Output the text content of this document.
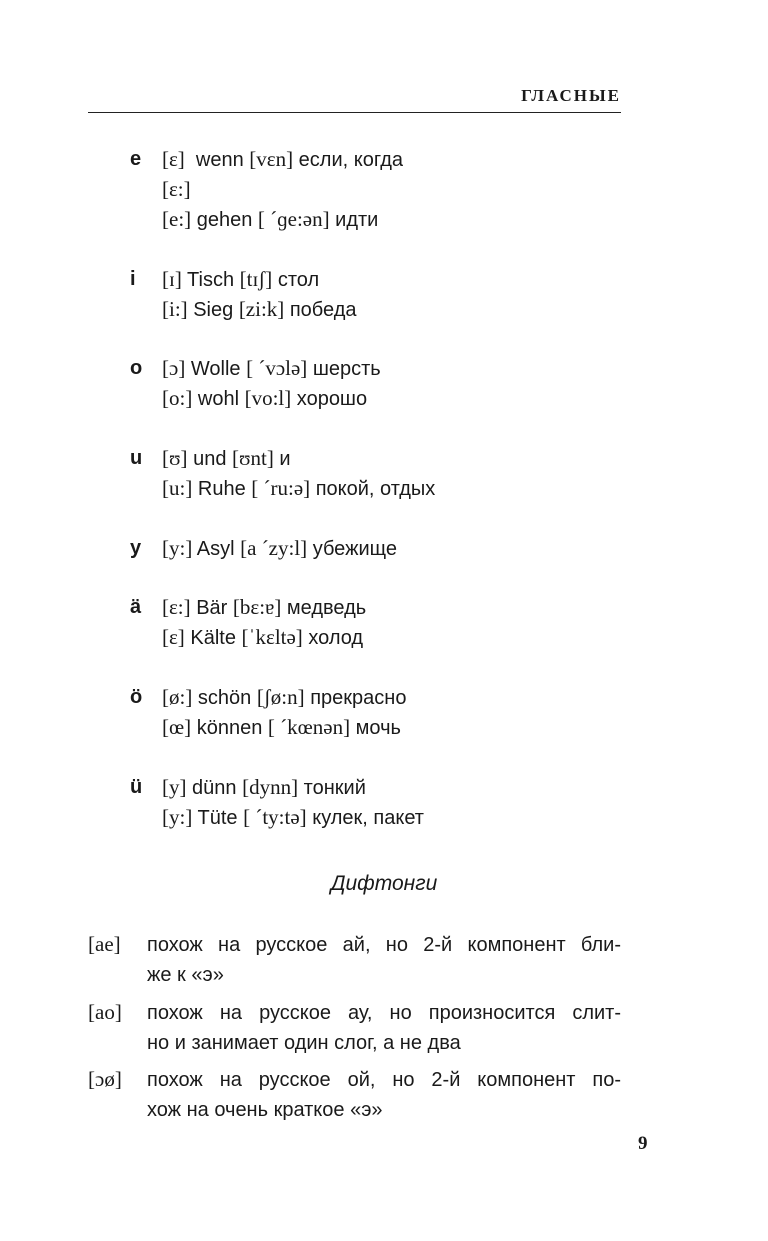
ГЛАСНЫЕ
e [ɛ]  wenn [vɛn] если, когда
[ɛ:]
[e:] gehen [ ˊɡe:ən] идти
i [ɪ] Tisch [tɪʃ] стол
[i:] Sieg [zi:k] победа
o [ɔ] Wolle [ ˊvɔlə] шерсть
[o:] wohl [vo:l] хорошо
u [ʊ] und [ʊnt] и
[u:] Ruhe [ ˊru:ə] покой, отдых
y [y:] Asyl [a ˊzy:l] убежище
ä [ɛ:] Bär [bɛ:ɐ] медведь
[ɛ] Kälte [ˈkɛltə] холод
ö [ø:] schön [ʃø:n] прекрасно
[œ] können [ ˊkœnən] мочь
ü [y] dünn [dynn] тонкий
[y:] Tüte [ ˊty:tə] кулек, пакет
Дифтонги
[ae] похож на русское ай, но 2-й компонент бли-
же к «э»
[ao] похож на русское ау, но произносится слит-
но и занимает один слог, а не два
[ɔø] похож на русское ой, но 2-й компонент по-
хож на очень краткое «э»
9
